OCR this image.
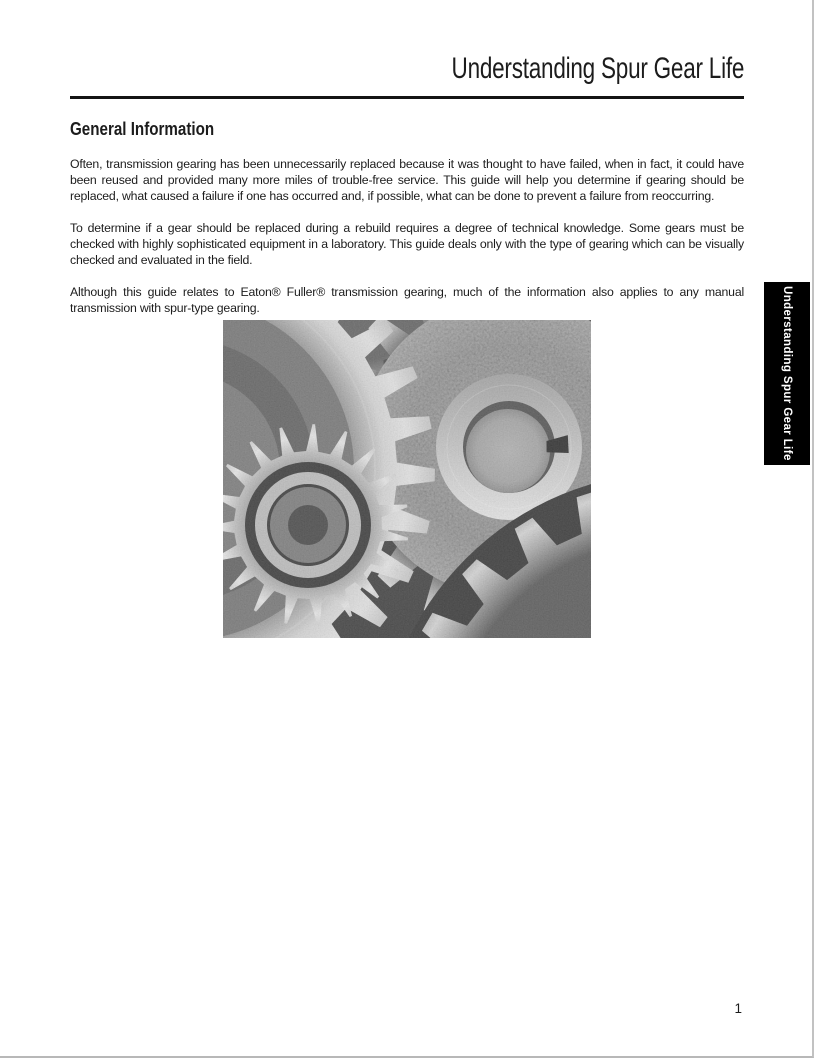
Understanding Spur Gear Life
General Information

Often, transmission gearing has been unnecessarily replaced because it was thought to have failed, when in fact, it could have been reused and provided many more miles of trouble-free service. This guide will help you determine if gearing should be replaced, what caused a failure if one has occurred and, if possible, what can be done to prevent a failure from reoccurring.

To determine if a gear should be replaced during a rebuild requires a degree of technical knowledge. Some gears must be checked with highly sophisticated equipment in a laboratory. This guide deals only with the type of gearing which can be visually checked and evaluated in the field.

Although this guide relates to Eaton® Fuller® transmission gearing, much of the information also applies to any manual transmission with spur-type gearing.	Understanding Spur Gear Life
1
